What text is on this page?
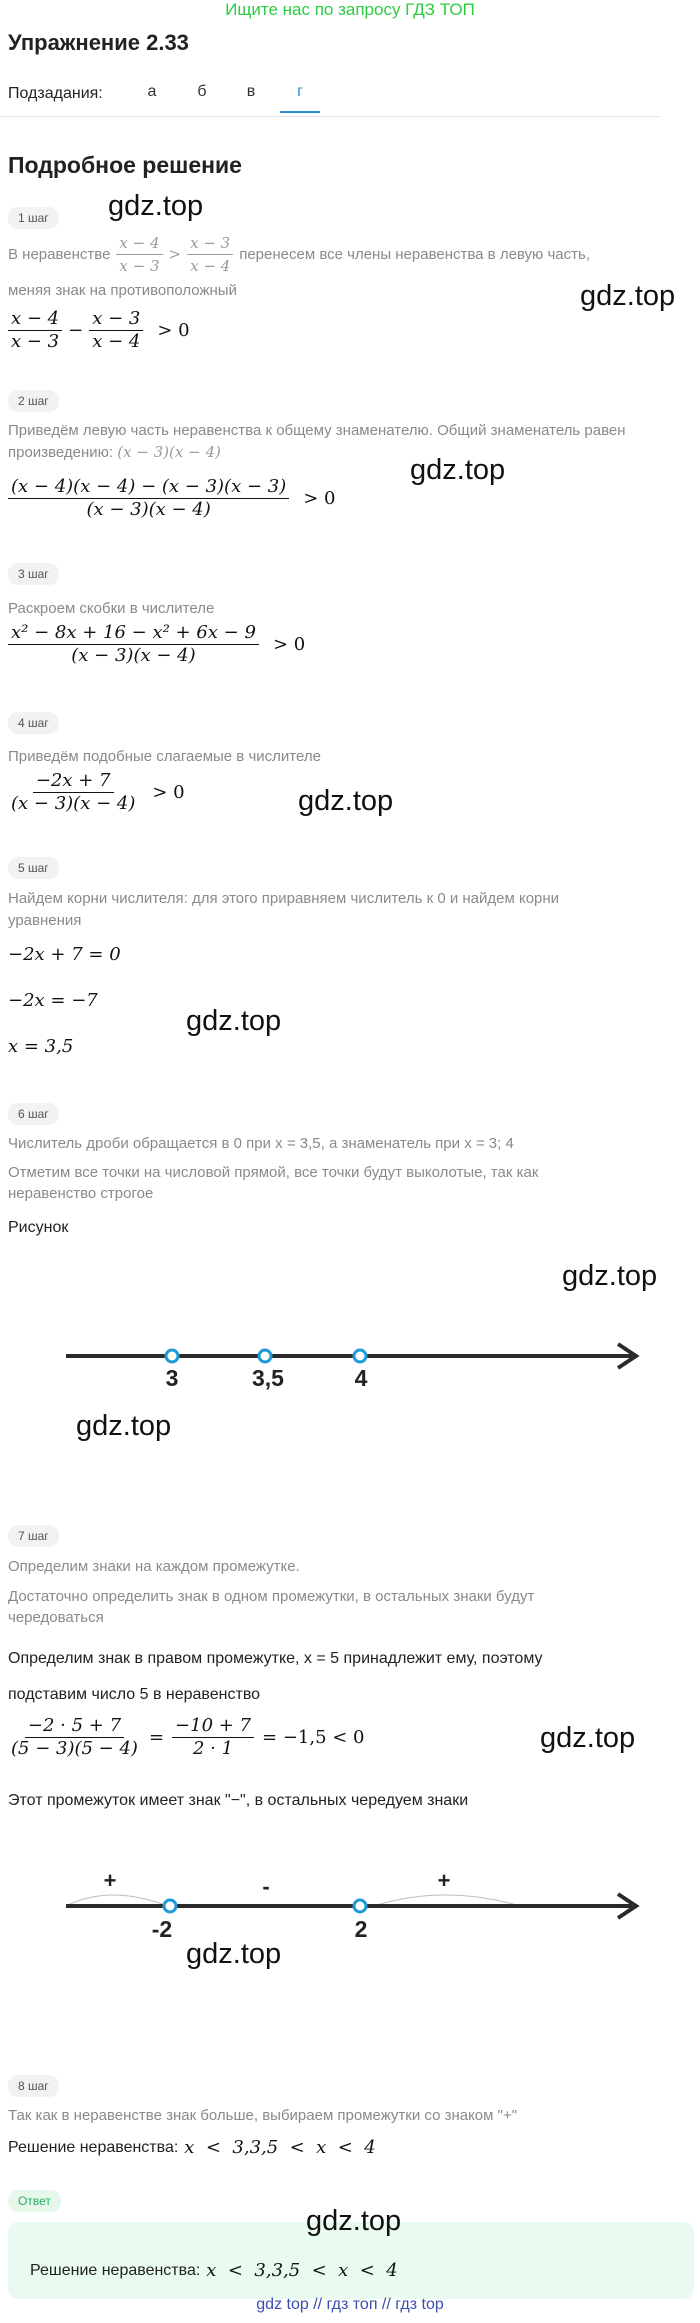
Ищите нас по запросу ГДЗ ТОП
Упражнение 2.33
Подзадания:	а	б	в	г
Подробное решение
1 шаг	gdz.top
В неравенстве $\frac{x - 4}{x - 3} > \frac{x - 3}{x - 4}$ перенесем все члены неравенства в левую часть,
меняя знак на противоположный	gdz.top
$\frac{x - 4}{x - 3} - \frac{x - 3}{x - 4} > 0$
2 шаг
Приведём левую часть неравенства к общему знаменателю. Общий знаменатель равен
произведению: (x − 3)(x − 4)
gdz.top
$\frac{(x - 4)(x - 4) - (x - 3)(x - 3)}{(x - 3)(x - 4)} > 0$
3 шаг
Раскроем скобки в числителе
$\frac{\text{x² − 8x + 16 − x² + 6x − 9}}{(x - 3)(x - 4)} > 0$
4 шаг
Приведём подобные слагаемые в числителе
$\frac{-2x + 7}{(x - 3)(x - 4)} > 0$	gdz.top
5 шаг
Найдем корни числителя: для этого приравняем числитель к 0 и найдем корни
уравнения
−2x + 7 = 0
−2x = −7
gdz.top
x = 3,5
6 шаг
Числитель дроби обращается в 0 при x = 3,5, а знаменатель при x = 3; 4
Отметим все точки на числовой прямой, все точки будут выколотые, так как
неравенство строгое
Рисунок
gdz.top
3	3,5	4
gdz.top
7 шаг
Определим знаки на каждом промежутке.
Достаточно определить знак в одном промежутки, в остальных знаки будут
чередоваться
Определим знак в правом промежутке, x = 5 принадлежит ему, поэтому
подставим число 5 в неравенство
$\frac{-2 \cdot 5 + 7}{(5 - 3)(5 - 4)} = \frac{-10 + 7}{2 \cdot 1} = -1,5 < 0$	gdz.top
Этот промежуток имеет знак "−", в остальных чередуем знаки
+	-	+
-2	2
gdz.top
8 шаг
Так как в неравенстве знак больше, выбираем промежутки со знаком "+"
Решение неравенства: x  <  3,3,5  <  x  <  4
Ответ
gdz.top
Решение неравенства: x  <  3,3,5  <  x  <  4
gdz top // гдз топ // гдз top
